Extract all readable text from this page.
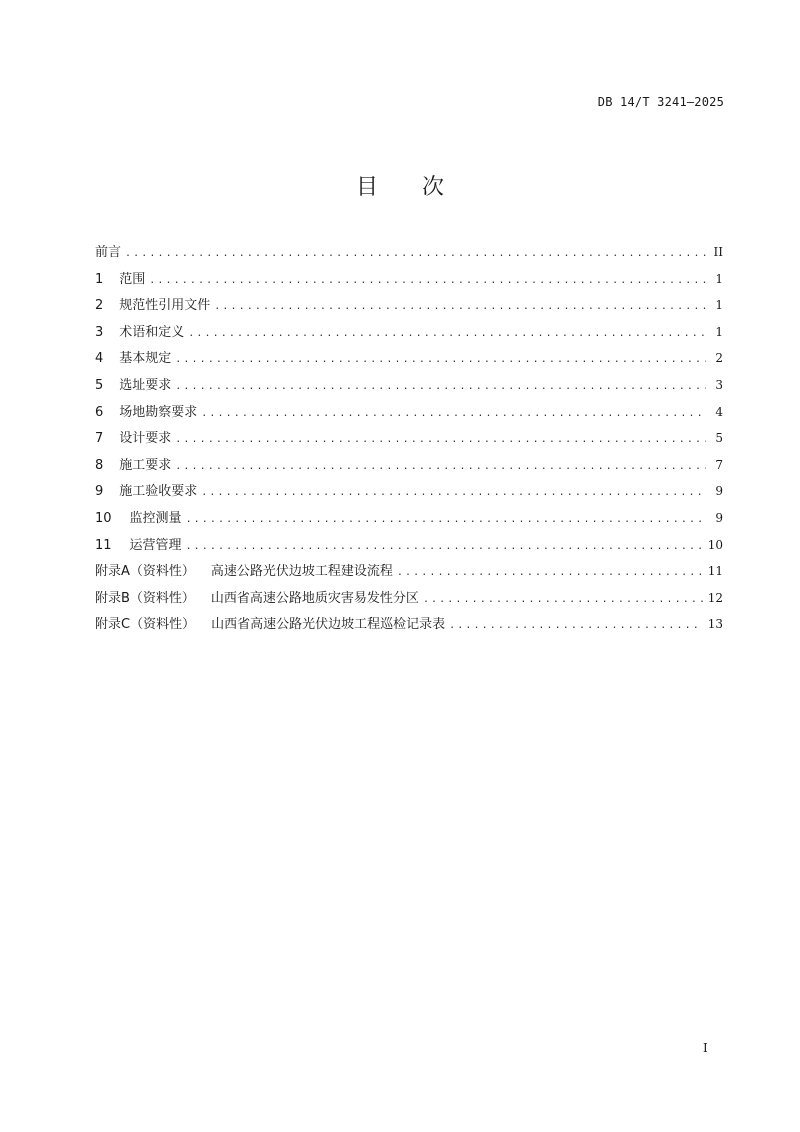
DB 14/T 3241—2025
目次
前言 .....	II
1 范围 .....	1
2 规范性引用文件 .....	1
3 术语和定义 .....	1
4 基本规定 .....	2
5 选址要求 .....	3
6 场地勘察要求 .....	4
7 设计要求 .....	5
8 施工要求 .....	7
9 施工验收要求 .....	9
10 监控测量 .....	9
11 运营管理 .....	10
附录A（资料性） 高速公路光伏边坡工程建设流程 .....	11
附录B（资料性） 山西省高速公路地质灾害易发性分区 .....	12
附录C（资料性） 山西省高速公路光伏边坡工程巡检记录表 .....	13
I
